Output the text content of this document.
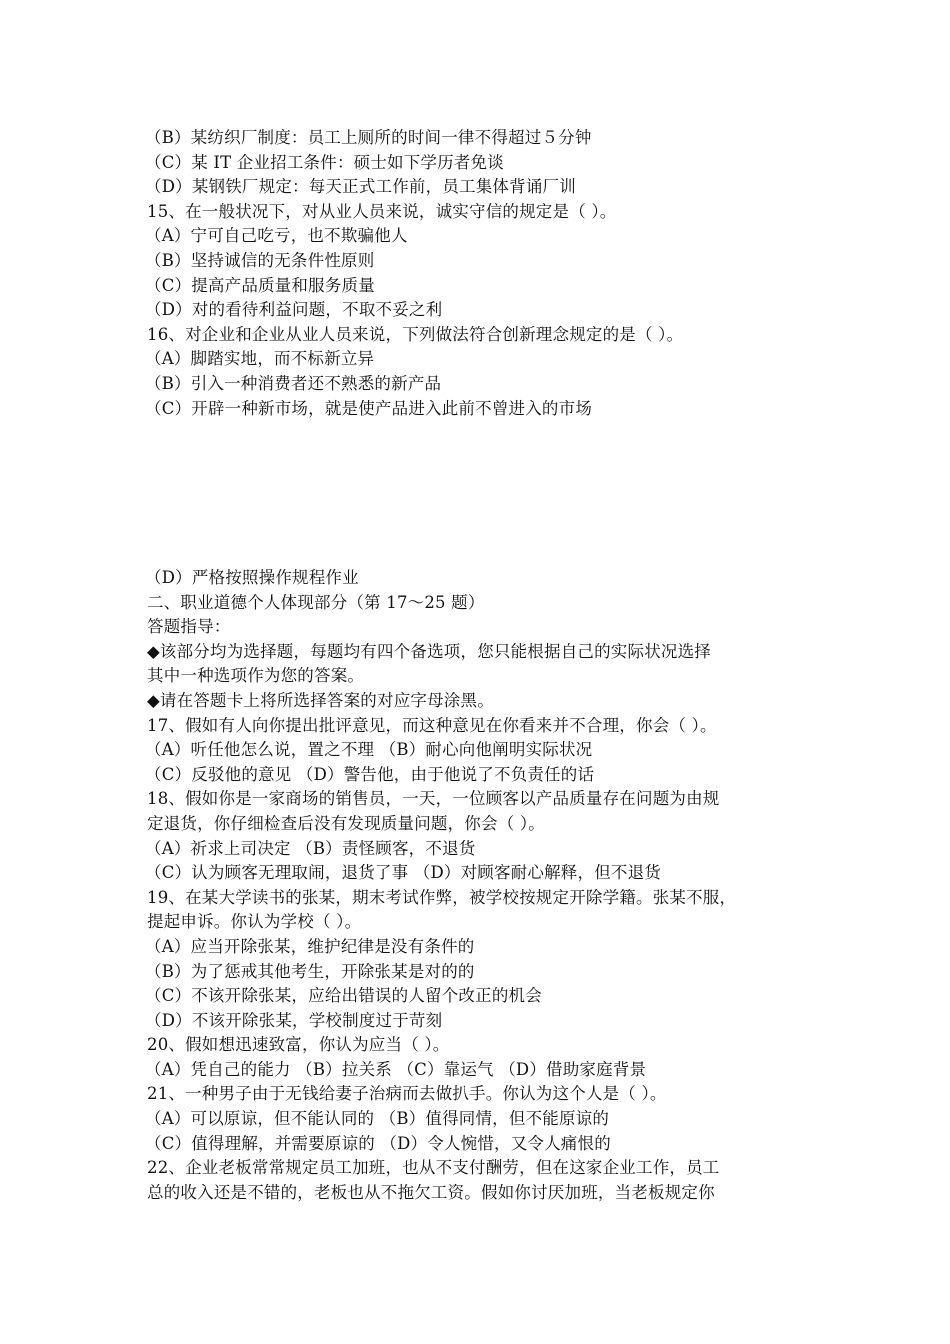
（B）某纺织厂制度：员工上厕所的时间一律不得超过５分钟
（C）某 IT 企业招工条件：硕士如下学历者免谈
（D）某钢铁厂规定：每天正式工作前，员工集体背诵厂训
15、在一般状况下，对从业人员来说，诚实守信的规定是（ ）。
（A）宁可自己吃亏，也不欺骗他人
（B）坚持诚信的无条件性原则
（C）提高产品质量和服务质量
（D）对的看待利益问题，不取不妥之利
16、对企业和企业从业人员来说，下列做法符合创新理念规定的是（ ）。
（A）脚踏实地，而不标新立异
（B）引入一种消费者还不熟悉的新产品
（C）开辟一种新市场，就是使产品进入此前不曾进入的市场
（D）严格按照操作规程作业
二、职业道德个人体现部分（第 17～25 题）
答题指导：
◆该部分均为选择题，每题均有四个备选项，您只能根据自己的实际状况选择
其中一种选项作为您的答案。
◆请在答题卡上将所选择答案的对应字母涂黑。
17、假如有人向你提出批评意见，而这种意见在你看来并不合理，你会（ ）。
（A）听任他怎么说，置之不理 （B）耐心向他阐明实际状况
（C）反驳他的意见 （D）警告他，由于他说了不负责任的话
18、假如你是一家商场的销售员，一天，一位顾客以产品质量存在问题为由规
定退货，你仔细检查后没有发现质量问题，你会（ ）。
（A）祈求上司决定 （B）责怪顾客，不退货
（C）认为顾客无理取闹，退货了事 （D）对顾客耐心解释，但不退货
19、在某大学读书的张某，期末考试作弊，被学校按规定开除学籍。张某不服，
提起申诉。你认为学校（ ）。
（A）应当开除张某，维护纪律是没有条件的
（B）为了惩戒其他考生，开除张某是对的的
（C）不该开除张某，应给出错误的人留个改正的机会
（D）不该开除张某，学校制度过于苛刻
20、假如想迅速致富，你认为应当（ ）。
（A）凭自己的能力 （B）拉关系 （C）靠运气 （D）借助家庭背景
21、一种男子由于无钱给妻子治病而去做扒手。你认为这个人是（ ）。
（A）可以原谅，但不能认同的 （B）值得同情，但不能原谅的
（C）值得理解，并需要原谅的 （D）令人惋惜，又令人痛恨的
22、企业老板常常规定员工加班，也从不支付酬劳，但在这家企业工作，员工
总的收入还是不错的，老板也从不拖欠工资。假如你讨厌加班，当老板规定你
